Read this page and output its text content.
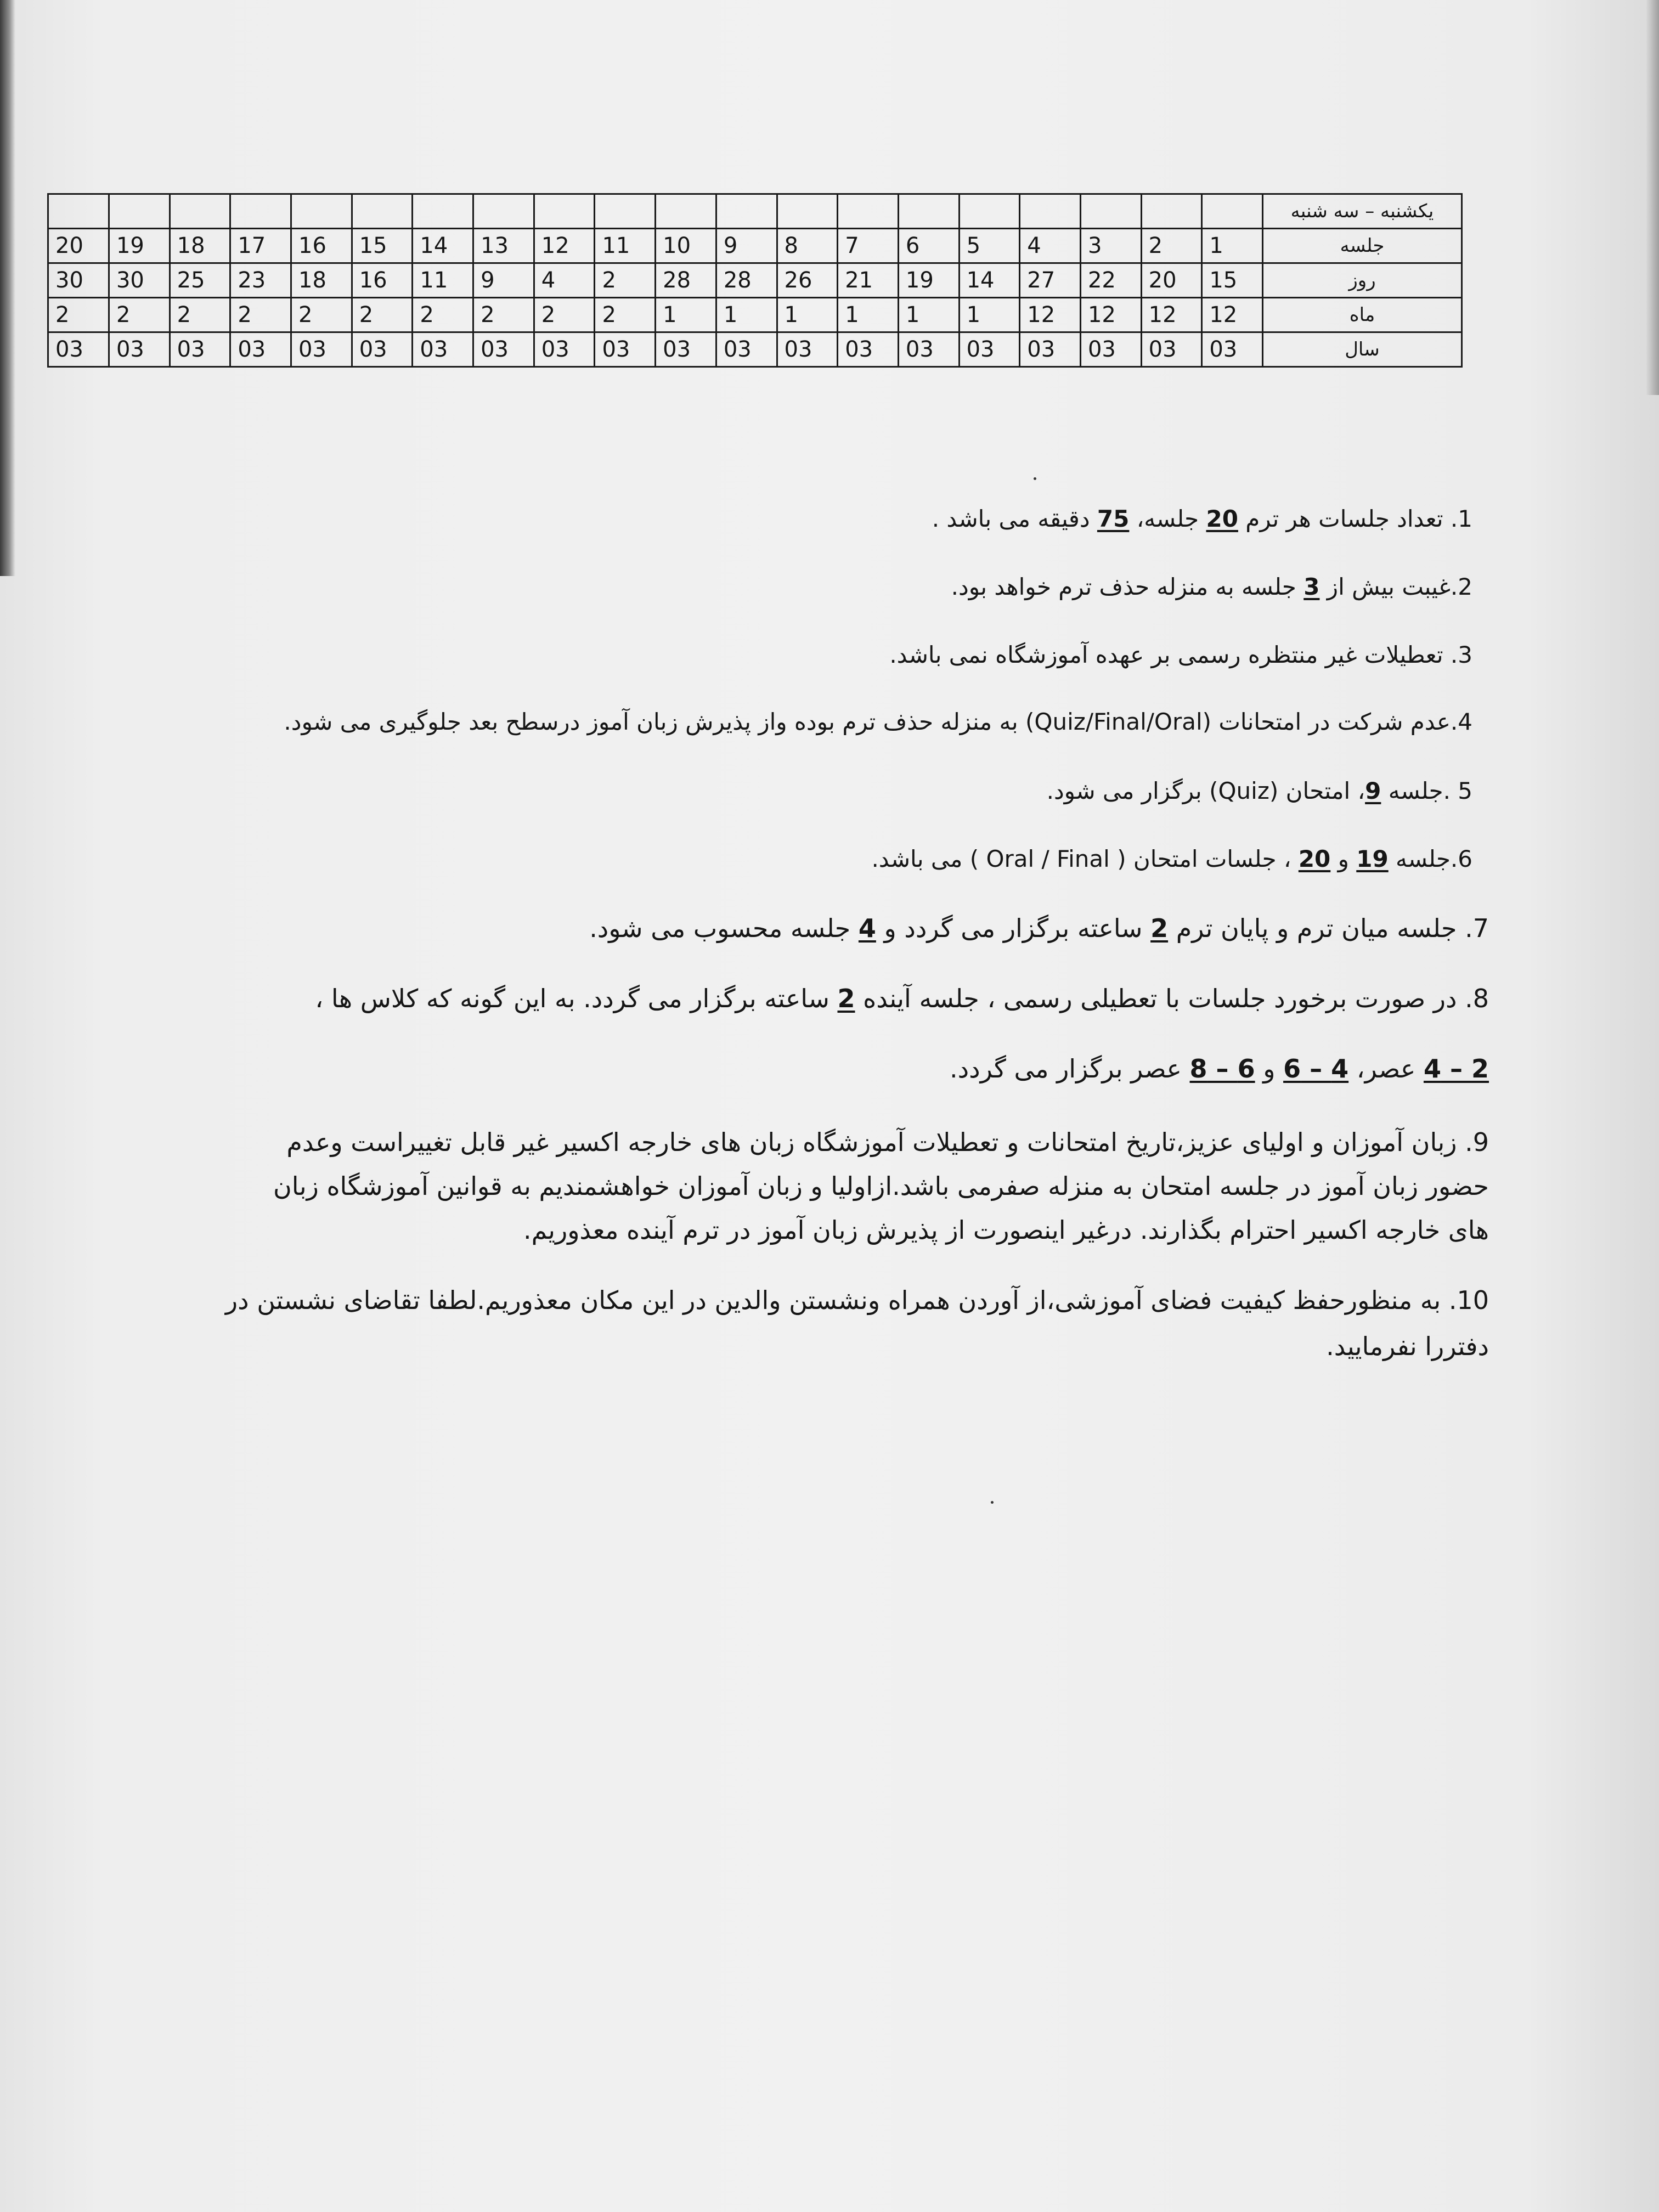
یکشنبه – سه شنبه																				
جلسه	1	2	3	4	5	6	7	8	9	10	11	12	13	14	15	16	17	18	19	20
روز	15	20	22	27	14	19	21	26	28	28	2	4	9	11	16	18	23	25	30	30
ماه	12	12	12	12	1	1	1	1	1	1	2	2	2	2	2	2	2	2	2	2
سال	03	03	03	03	03	03	03	03	03	03	03	03	03	03	03	03	03	03	03	03
1. تعداد جلسات هر ترم 20 جلسه، 75 دقیقه می باشد .
2.غیبت بیش از 3 جلسه به منزله حذف ترم خواهد بود.
3. تعطیلات غیر منتظره رسمی بر عهده آموزشگاه نمی باشد.
4.عدم شرکت در امتحانات (Quiz/Final/Oral) به منزله حذف ترم بوده واز پذیرش زبان آموز درسطح بعد جلوگیری می شود.
5 .جلسه 9، امتحان (Quiz) برگزار می شود.
6.جلسه 19 و 20 ، جلسات امتحان ( Oral / Final ) می باشد.
7. جلسه میان ترم و پایان ترم 2 ساعته برگزار می گردد و 4 جلسه محسوب می شود.
8. در صورت برخورد جلسات با تعطیلی رسمی ، جلسه آینده 2 ساعته برگزار می گردد. به این گونه که کلاس ها ،
2 – 4 عصر، 4 – 6 و 6 – 8 عصر برگزار می گردد.
9. زبان آموزان و اولیای عزیز،تاریخ امتحانات و تعطیلات آموزشگاه زبان های خارجه اکسیر غیر قابل تغییراست وعدم
حضور زبان آموز در جلسه امتحان به منزله صفرمی باشد.ازاولیا و زبان آموزان خواهشمندیم به قوانین آموزشگاه زبان
های خارجه اکسیر احترام بگذارند. درغیر اینصورت از پذیرش زبان آموز در ترم آینده معذوریم.
10. به منظورحفظ کیفیت فضای آموزشی،از آوردن همراه ونشستن والدین در این مکان معذوریم.لطفا تقاضای نشستن در
دفتررا نفرمایید.
